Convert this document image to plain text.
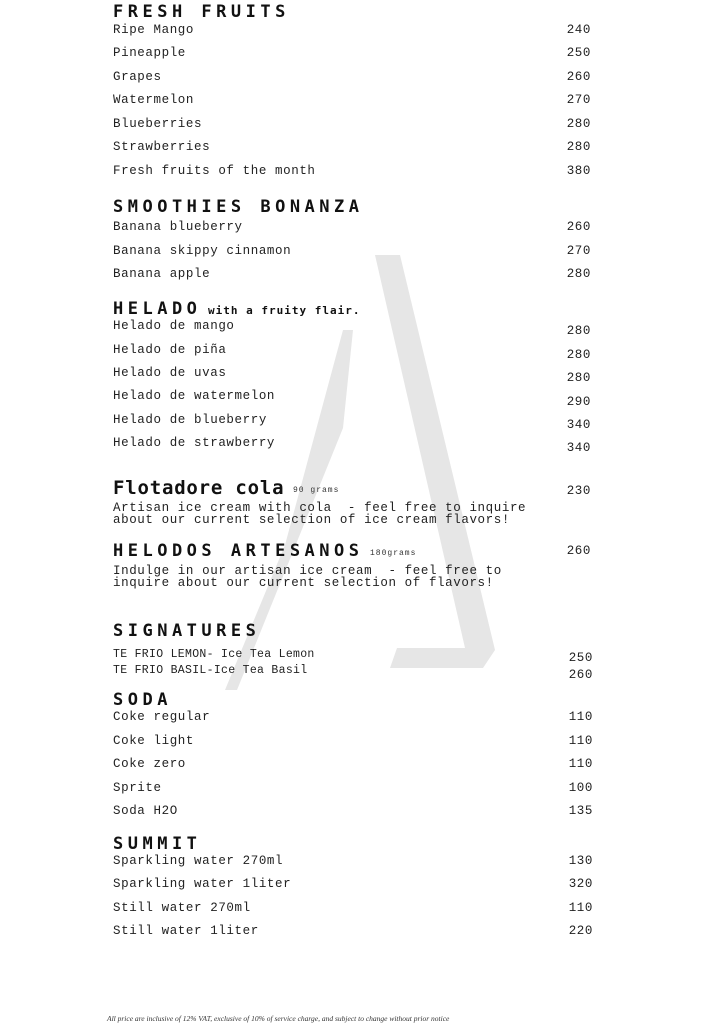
FRESH FRUITS
Ripe Mango	240
Pineapple	250
Grapes	260
Watermelon	270
Blueberries	280
Strawberries	280
Fresh fruits of the month	380
SMOOTHIES BONANZA
Banana blueberry	260
Banana skippy cinnamon	270
Banana apple	280
HELADO with a fruity flair.
Helado de mango	280
Helado de piña	280
Helado de uvas	280
Helado de watermelon	290
Helado de blueberry	340
Helado de strawberry	340
Flotadore cola 90 grams	230
Artisan ice cream with cola  - feel free to inquire
about our current selection of ice cream flavors!
HELODOS ARTESANOS 180grams	260
Indulge in our artisan ice cream  - feel free to
inquire about our current selection of flavors!
SIGNATURES
TE FRIO LEMON- Ice Tea Lemon	250
TE FRIO BASIL-Ice Tea Basil	260
SODA
Coke regular	110
Coke light	110
Coke zero	110
Sprite	100
Soda H2O	135
SUMMIT
Sparkling water 270ml	130
Sparkling water 1liter	320
Still water 270ml	110
Still water 1liter	220
All price are inclusive of 12% VAT, exclusive of 10% of service charge, and subject to change without prior notice
